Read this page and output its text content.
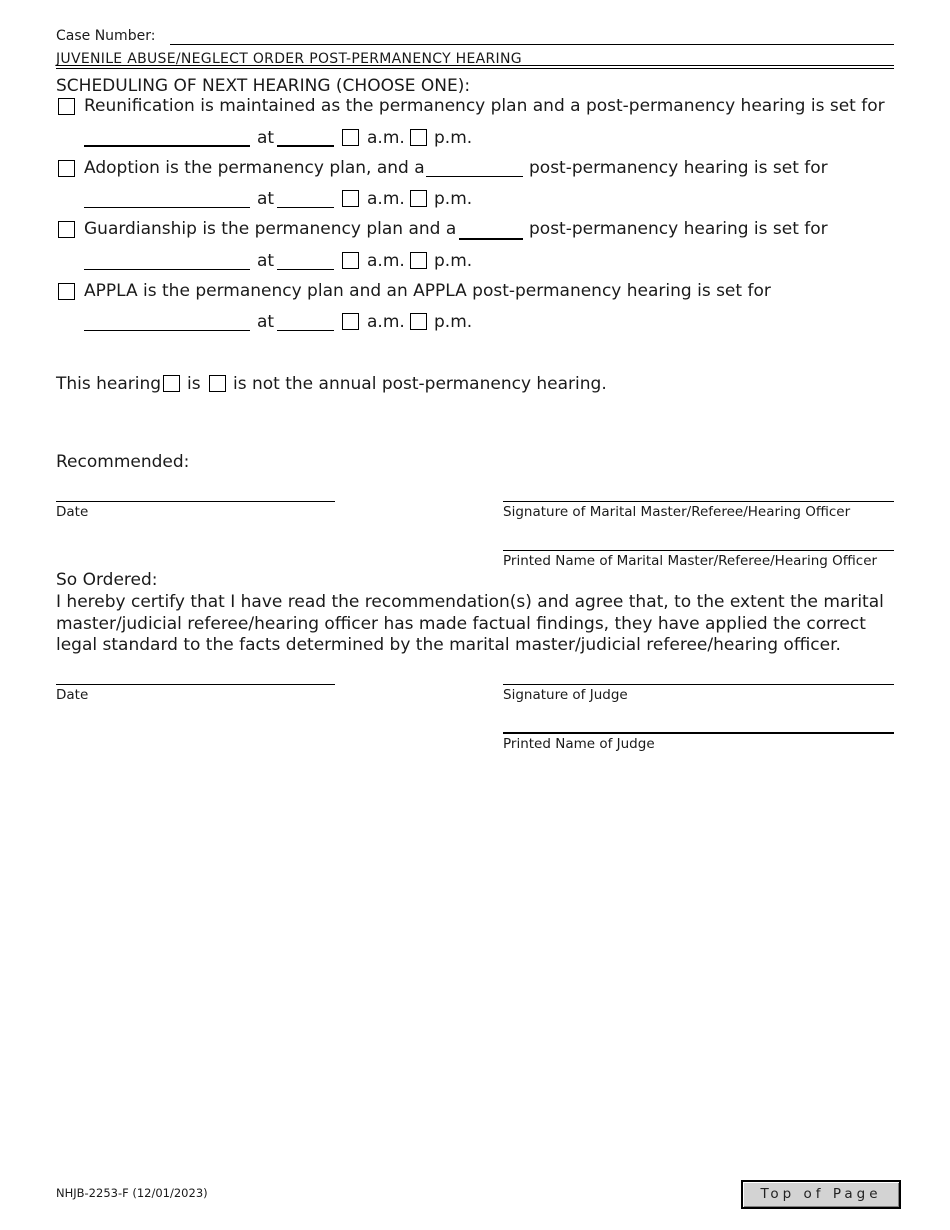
Case Number:
JUVENILE ABUSE/NEGLECT ORDER POST-PERMANENCY HEARING
SCHEDULING OF NEXT HEARING (CHOOSE ONE):
Reunification is maintained as the permanency plan and a post-permanency hearing is set for
at	a.m. p.m.
Adoption is the permanency plan, and a	post-permanency hearing is set for
at	a.m. p.m.
Guardianship is the permanency plan and a	post-permanency hearing is set for
at	a.m. p.m.
APPLA is the permanency plan and an APPLA post-permanency hearing is set for
at	a.m. p.m.
This hearing is is not the annual post-permanency hearing.
Recommended:
Date	Signature of Marital Master/Referee/Hearing Officer
Printed Name of Marital Master/Referee/Hearing Officer
So Ordered:
I hereby certify that I have read the recommendation(s) and agree that, to the extent the marital master/judicial referee/hearing officer has made factual findings, they have applied the correct legal standard to the facts determined by the marital master/judicial referee/hearing officer.
Date	Signature of Judge
Printed Name of Judge
NHJB-2253-F (12/01/2023)	Top of Page
